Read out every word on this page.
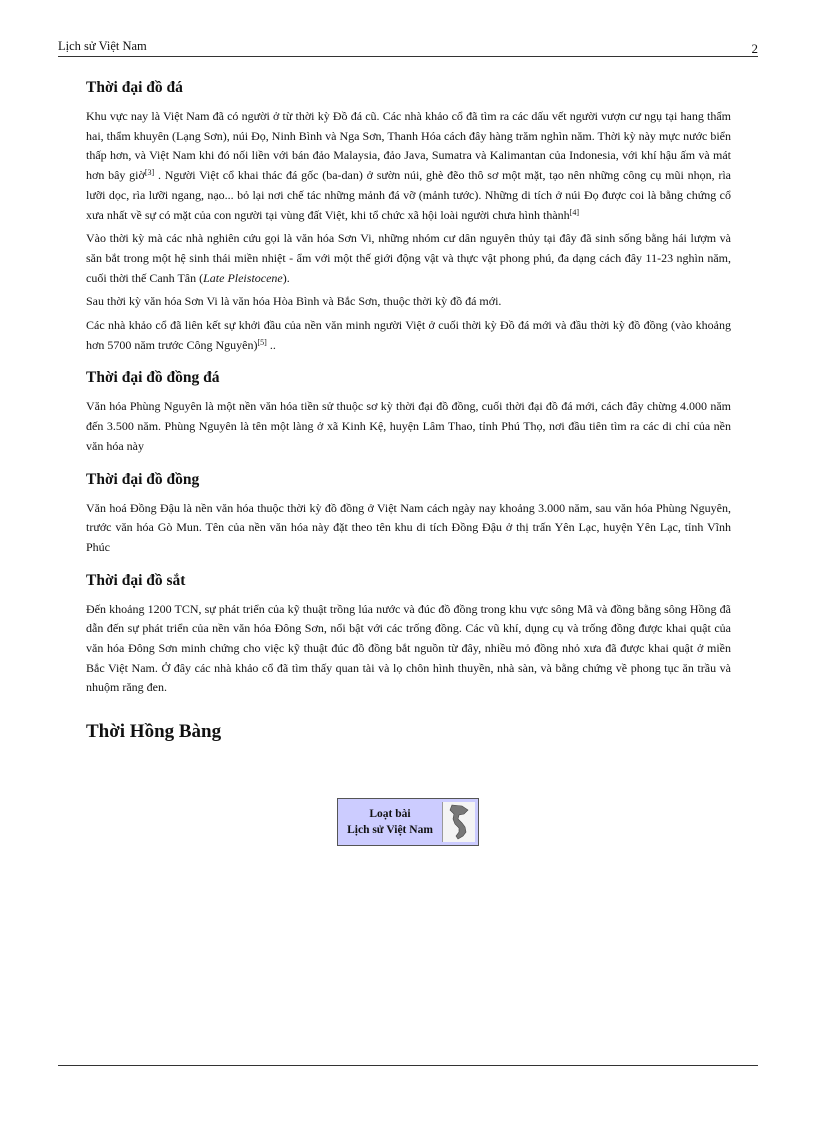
Lịch sử Việt Nam	2
Thời đại đồ đá

Khu vực nay là Việt Nam đã có người ở từ thời kỳ Đồ đá cũ. Các nhà khảo cổ đã tìm ra các dấu vết người vượn cư ngụ tại hang thẩm hai, thẩm khuyên (Lạng Sơn), núi Đọ, Ninh Bình và Nga Sơn, Thanh Hóa cách đây hàng trăm nghìn năm. Thời kỳ này mực nước biển thấp hơn, và Việt Nam khi đó nối liền với bán đảo Malaysia, đảo Java, Sumatra và Kalimantan của Indonesia, với khí hậu ấm và mát hơn bây giờ[3] . Người Việt cổ khai thác đá gốc (ba-dan) ở sườn núi, ghè đẽo thô sơ một mặt, tạo nên những công cụ mũi nhọn, rìa lưỡi dọc, rìa lưỡi ngang, nạo... bỏ lại nơi chế tác những mảnh đá vỡ (mảnh tước). Những di tích ở núi Đọ được coi là bằng chứng cổ xưa nhất về sự có mặt của con người tại vùng đất Việt, khi tổ chức xã hội loài người chưa hình thành[4]

Vào thời kỳ mà các nhà nghiên cứu gọi là văn hóa Sơn Vi, những nhóm cư dân nguyên thủy tại đây đã sinh sống bằng hái lượm và săn bắt trong một hệ sinh thái miền nhiệt - ẩm với một thế giới động vật và thực vật phong phú, đa dạng cách đây 11-23 nghìn năm, cuối thời thế Canh Tân (Late Pleistocene).

Sau thời kỳ văn hóa Sơn Vi là văn hóa Hòa Bình và Bắc Sơn, thuộc thời kỳ đồ đá mới.

Các nhà khảo cổ đã liên kết sự khởi đầu của nền văn minh người Việt ở cuối thời kỳ Đồ đá mới và đầu thời kỳ đồ đồng (vào khoảng hơn 5700 năm trước Công Nguyên)[5] ..

Thời đại đồ đồng đá

Văn hóa Phùng Nguyên là một nền văn hóa tiền sử thuộc sơ kỳ thời đại đồ đồng, cuối thời đại đồ đá mới, cách đây chừng 4.000 năm đến 3.500 năm. Phùng Nguyên là tên một làng ở xã Kinh Kệ, huyện Lâm Thao, tỉnh Phú Thọ, nơi đầu tiên tìm ra các di chỉ của nền văn hóa này

Thời đại đồ đồng

Văn hoá Đồng Đậu là nền văn hóa thuộc thời kỳ đồ đồng ở Việt Nam cách ngày nay khoảng 3.000 năm, sau văn hóa Phùng Nguyên, trước văn hóa Gò Mun. Tên của nền văn hóa này đặt theo tên khu di tích Đồng Đậu ở thị trấn Yên Lạc, huyện Yên Lạc, tỉnh Vĩnh Phúc

Thời đại đồ sắt

Đến khoảng 1200 TCN, sự phát triển của kỹ thuật trồng lúa nước và đúc đồ đồng trong khu vực sông Mã và đồng bằng sông Hồng đã dẫn đến sự phát triển của nền văn hóa Đông Sơn, nổi bật với các trống đồng. Các vũ khí, dụng cụ và trống đồng được khai quật của văn hóa Đông Sơn minh chứng cho việc kỹ thuật đúc đồ đồng bắt nguồn từ đây, nhiều mỏ đồng nhỏ xưa đã được khai quật ở miền Bắc Việt Nam. Ở đây các nhà khảo cổ đã tìm thấy quan tài và lọ chôn hình thuyền, nhà sàn, và bằng chứng về phong tục ăn trầu và nhuộm răng đen.

Thời Hồng Bàng
Loạt bài
Lịch sử Việt Nam
